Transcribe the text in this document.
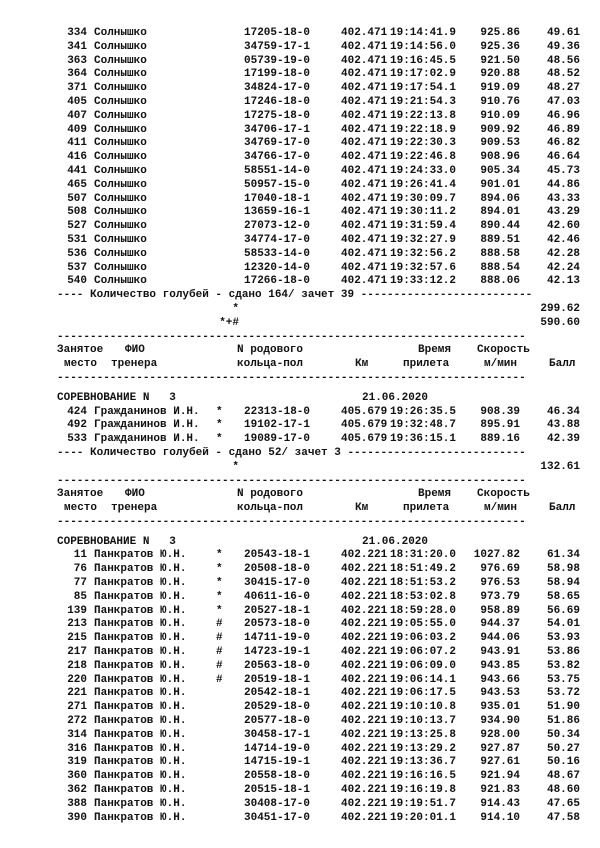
334 Солнышко	17205-18-0	402.471 19:14:41.9 925.86 49.61
341 Солнышко	34759-17-1	402.471 19:14:56.0 925.36 49.36
363 Солнышко	05739-19-0	402.471 19:16:45.5 921.50 48.56
364 Солнышко	17199-18-0	402.471 19:17:02.9 920.88 48.52
371 Солнышко	34824-17-0	402.471 19:17:54.1 919.09 48.27
405 Солнышко	17246-18-0	402.471 19:21:54.3 910.76 47.03
407 Солнышко	17275-18-0	402.471 19:22:13.8 910.09 46.96
409 Солнышко	34706-17-1	402.471 19:22:18.9 909.92 46.89
411 Солнышко	34769-17-0	402.471 19:22:30.3 909.53 46.82
416 Солнышко	34766-17-0	402.471 19:22:46.8 908.96 46.64
441 Солнышко	58551-14-0	402.471 19:24:33.0 905.34 45.73
465 Солнышко	50957-15-0	402.471 19:26:41.4 901.01 44.86
507 Солнышко	17040-18-1	402.471 19:30:09.7 894.06 43.33
508 Солнышко	13659-16-1	402.471 19:30:11.2 894.01 43.29
527 Солнышко	27073-12-0	402.471 19:31:59.4 890.44 42.60
531 Солнышко	34774-17-0	402.471 19:32:27.9 889.51 42.46
536 Солнышко	58533-14-0	402.471 19:32:56.2 888.58 42.28
537 Солнышко	12320-14-0	402.471 19:32:57.6 888.54 42.24
540 Солнышко	17266-18-0	402.471 19:33:12.2 888.06 42.13
---- Количество голубей - сдано 164/ зачет 39 --------------------------
*	299.62
*+#	590.60
-----------------------------------------------------------------------
Занятое ФИО	N родового	Время Скорость
место тренера	кольца-пол	Км	прилета	м/мин	Балл
-----------------------------------------------------------------------
СОРЕВНОВАНИЕ N   3	21.06.2020
424 Гражданинов И.Н. * 22313-18-0	405.679 19:26:35.5 908.39 46.34
492 Гражданинов И.Н. * 19102-17-1	405.679 19:32:48.7 895.91 43.88
533 Гражданинов И.Н. * 19089-17-0	405.679 19:36:15.1 889.16 42.39
---- Количество голубей - сдано 52/ зачет 3 ---------------------------
*	132.61
-----------------------------------------------------------------------
Занятое ФИО	N родового	Время Скорость
место тренера	кольца-пол	Км	прилета	м/мин	Балл
-----------------------------------------------------------------------
СОРЕВНОВАНИЕ N   3	21.06.2020
11 Панкратов Ю.Н.	* 20543-18-1	402.221 18:31:20.0 1027.82 61.34
76 Панкратов Ю.Н.	* 20508-18-0	402.221 18:51:49.2 976.69 58.98
77 Панкратов Ю.Н.	* 30415-17-0	402.221 18:51:53.2 976.53 58.94
85 Панкратов Ю.Н.	* 40611-16-0	402.221 18:53:02.8 973.79 58.65
139 Панкратов Ю.Н.	* 20527-18-1	402.221 18:59:28.0 958.89 56.69
213 Панкратов Ю.Н.	# 20573-18-0	402.221 19:05:55.0 944.37 54.01
215 Панкратов Ю.Н.	# 14711-19-0	402.221 19:06:03.2 944.06 53.93
217 Панкратов Ю.Н.	# 14723-19-1	402.221 19:06:07.2 943.91 53.86
218 Панкратов Ю.Н.	# 20563-18-0	402.221 19:06:09.0 943.85 53.82
220 Панкратов Ю.Н.	# 20519-18-1	402.221 19:06:14.1 943.66 53.75
221 Панкратов Ю.Н.	20542-18-1	402.221 19:06:17.5 943.53 53.72
271 Панкратов Ю.Н.	20529-18-0	402.221 19:10:10.8 935.01 51.90
272 Панкратов Ю.Н.	20577-18-0	402.221 19:10:13.7 934.90 51.86
314 Панкратов Ю.Н.	30458-17-1	402.221 19:13:25.8 928.00 50.34
316 Панкратов Ю.Н.	14714-19-0	402.221 19:13:29.2 927.87 50.27
319 Панкратов Ю.Н.	14715-19-1	402.221 19:13:36.7 927.61 50.16
360 Панкратов Ю.Н.	20558-18-0	402.221 19:16:16.5 921.94 48.67
362 Панкратов Ю.Н.	20515-18-1	402.221 19:16:19.8 921.83 48.60
388 Панкратов Ю.Н.	30408-17-0	402.221 19:19:51.7 914.43 47.65
390 Панкратов Ю.Н.	30451-17-0	402.221 19:20:01.1 914.10 47.58
